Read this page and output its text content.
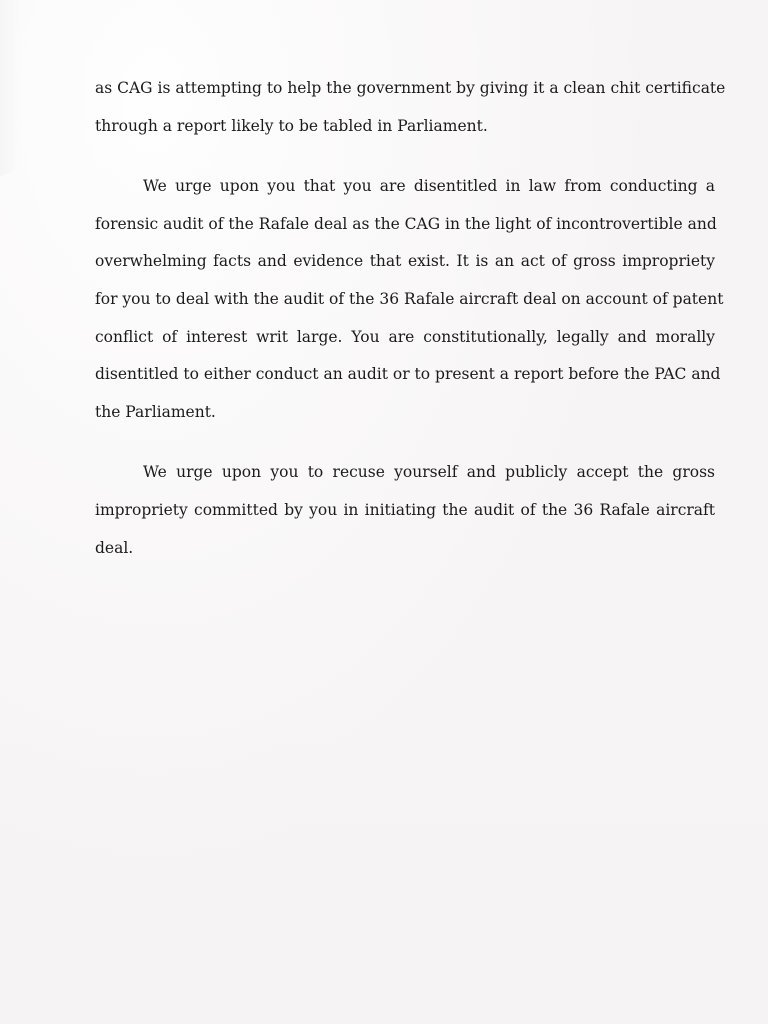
as CAG is attempting to help the government by giving it a clean chit certificate
through a report likely to be tabled in Parliament.

We urge upon you that you are disentitled in law from conducting a
forensic audit of the Rafale deal as the CAG in the light of incontrovertible and
overwhelming facts and evidence that exist. It is an act of gross impropriety
for you to deal with the audit of the 36 Rafale aircraft deal on account of patent
conflict of interest writ large. You are constitutionally, legally and morally
disentitled to either conduct an audit or to present a report before the PAC and
the Parliament.

We urge upon you to recuse yourself and publicly accept the gross
impropriety committed by you in initiating the audit of the 36 Rafale aircraft
deal.
